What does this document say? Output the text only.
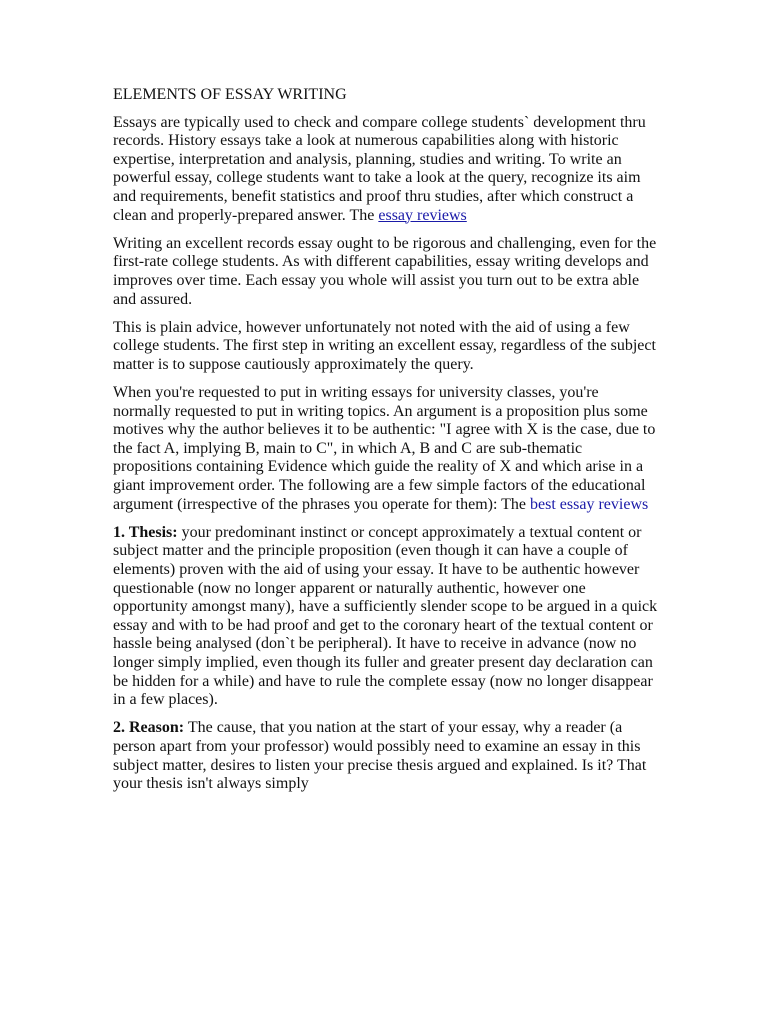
ELEMENTS OF ESSAY WRITING

Essays are typically used to check and compare college students` development thru records. History essays take a look at numerous capabilities along with historic expertise, interpretation and analysis, planning, studies and writing. To write an powerful essay, college students want to take a look at the query, recognize its aim and requirements, benefit statistics and proof thru studies, after which construct a clean and properly-prepared answer. The essay reviews

Writing an excellent records essay ought to be rigorous and challenging, even for the first-rate college students. As with different capabilities, essay writing develops and improves over time. Each essay you whole will assist you turn out to be extra able and assured.

This is plain advice, however unfortunately not noted with the aid of using a few college students. The first step in writing an excellent essay, regardless of the subject matter is to suppose cautiously approximately the query.

When you're requested to put in writing essays for university classes, you're normally requested to put in writing topics. An argument is a proposition plus some motives why the author believes it to be authentic: "I agree with X is the case, due to the fact A, implying B, main to C", in which A, B and C are sub-thematic propositions containing Evidence which guide the reality of X and which arise in a giant improvement order. The following are a few simple factors of the educational argument (irrespective of the phrases you operate for them): The best essay reviews

1. Thesis: your predominant instinct or concept approximately a textual content or subject matter and the principle proposition (even though it can have a couple of elements) proven with the aid of using your essay. It have to be authentic however questionable (now no longer apparent or naturally authentic, however one opportunity amongst many), have a sufficiently slender scope to be argued in a quick essay and with to be had proof and get to the coronary heart of the textual content or hassle being analysed (don`t be peripheral). It have to receive in advance (now no longer simply implied, even though its fuller and greater present day declaration can be hidden for a while) and have to rule the complete essay (now no longer disappear in a few places).

2. Reason: The cause, that you nation at the start of your essay, why a reader (a person apart from your professor) would possibly need to examine an essay in this subject matter, desires to listen your precise thesis argued and explained. Is it? That your thesis isn't always simply
